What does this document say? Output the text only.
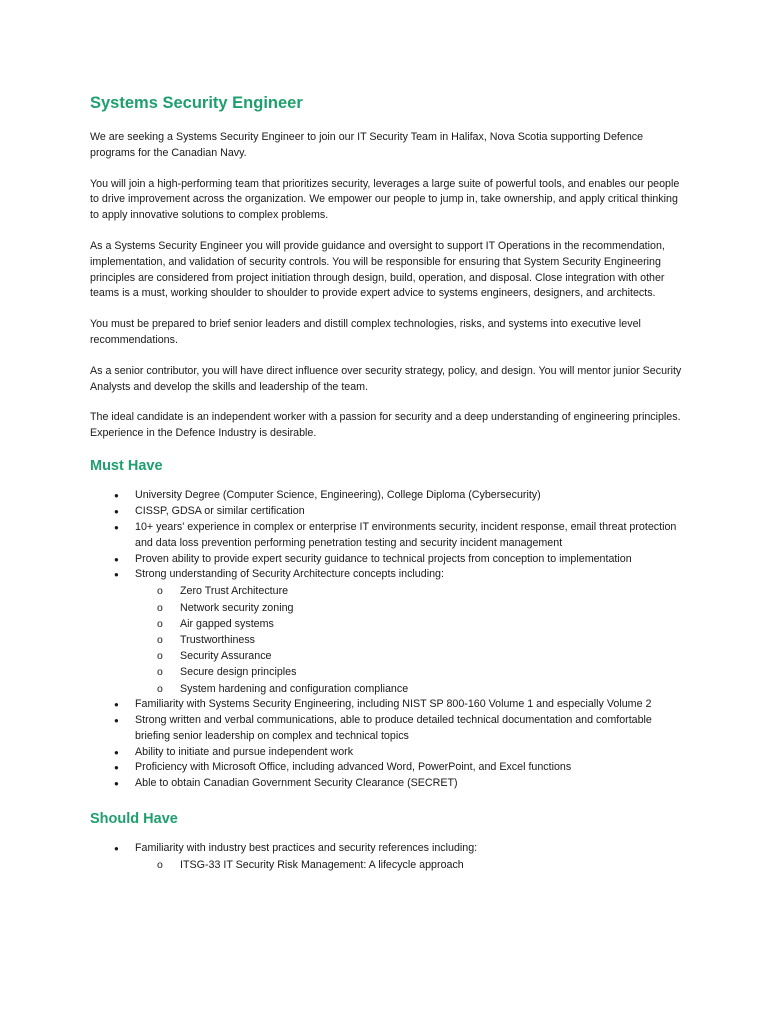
Systems Security Engineer

We are seeking a Systems Security Engineer to join our IT Security Team in Halifax, Nova Scotia supporting Defence programs for the Canadian Navy.

You will join a high-performing team that prioritizes security, leverages a large suite of powerful tools, and enables our people to drive improvement across the organization. We empower our people to jump in, take ownership, and apply critical thinking to apply innovative solutions to complex problems.

As a Systems Security Engineer you will provide guidance and oversight to support IT Operations in the recommendation, implementation, and validation of security controls. You will be responsible for ensuring that System Security Engineering principles are considered from project initiation through design, build, operation, and disposal. Close integration with other teams is a must, working shoulder to shoulder to provide expert advice to systems engineers, designers, and architects.

You must be prepared to brief senior leaders and distill complex technologies, risks, and systems into executive level recommendations.

As a senior contributor, you will have direct influence over security strategy, policy, and design. You will mentor junior Security Analysts and develop the skills and leadership of the team.

The ideal candidate is an independent worker with a passion for security and a deep understanding of engineering principles. Experience in the Defence Industry is desirable.

Must Have
● University Degree (Computer Science, Engineering), College Diploma (Cybersecurity)
● CISSP, GDSA or similar certification
● 10+ years' experience in complex or enterprise IT environments security, incident response, email threat protection and data loss prevention performing penetration testing and security incident management
● Proven ability to provide expert security guidance to technical projects from conception to implementation
● Strong understanding of Security Architecture concepts including:
o Zero Trust Architecture
o Network security zoning
o Air gapped systems
o Trustworthiness
o Security Assurance
o Secure design principles
o System hardening and configuration compliance
● Familiarity with Systems Security Engineering, including NIST SP 800-160 Volume 1 and especially Volume 2
● Strong written and verbal communications, able to produce detailed technical documentation and comfortable briefing senior leadership on complex and technical topics
● Ability to initiate and pursue independent work
● Proficiency with Microsoft Office, including advanced Word, PowerPoint, and Excel functions
● Able to obtain Canadian Government Security Clearance (SECRET)
Should Have
● Familiarity with industry best practices and security references including:
o ITSG-33 IT Security Risk Management: A lifecycle approach
